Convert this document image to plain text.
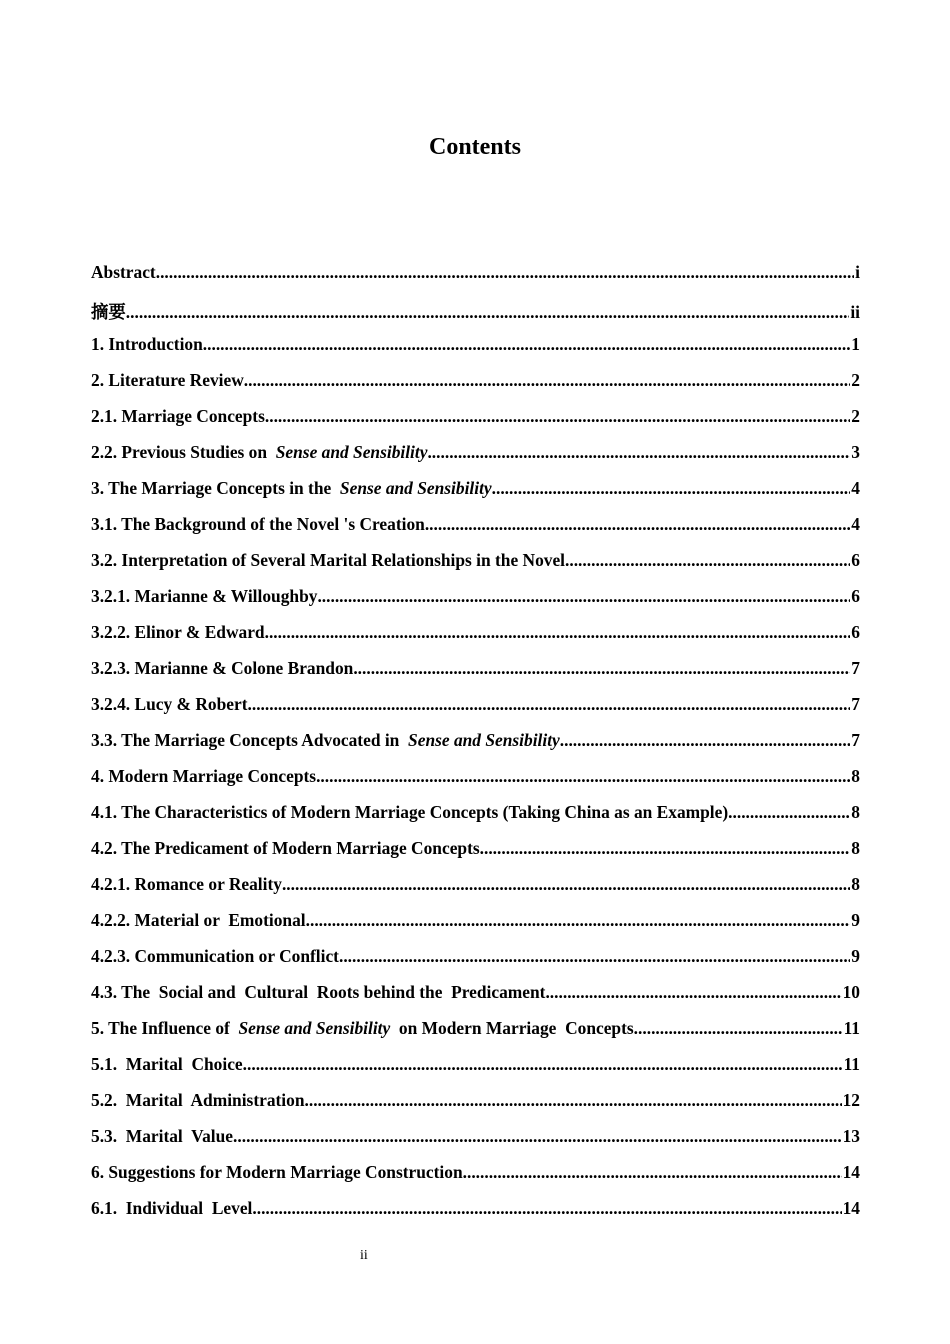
Contents
Abstract .....	i
摘要 .....	ii
1. Introduction .....	1
2. Literature Review .....	2
2.1. Marriage Concepts .....	2
2.2. Previous Studies on  Sense and Sensibility .....	3
3. The Marriage Concepts in the  Sense and Sensibility .....	4
3.1. The Background of the Novel 's Creation .....	4
3.2. Interpretation of Several Marital Relationships in the Novel .....	6
3.2.1. Marianne & Willoughby .....	6
3.2.2. Elinor & Edward .....	6
3.2.3. Marianne & Colone Brandon .....	7
3.2.4. Lucy & Robert .....	7
3.3. The Marriage Concepts Advocated in  Sense and Sensibility .....	7
4. Modern Marriage Concepts .....	8
4.1. The Characteristics of Modern Marriage Concepts (Taking China as an Example) .....	8
4.2. The Predicament of Modern Marriage Concepts .....	8
4.2.1. Romance or Reality .....	8
4.2.2. Material or  Emotional .....	9
4.2.3. Communication or Conflict .....	9
4.3. The  Social and  Cultural  Roots behind the  Predicament .....	10
5. The Influence of  Sense and Sensibility  on Modern Marriage  Concepts .....	11
5.1.  Marital  Choice .....	11
5.2.  Marital  Administration .....	12
5.3.  Marital  Value .....	13
6. Suggestions for Modern Marriage Construction .....	14
6.1.  Individual  Level .....	14
ii
